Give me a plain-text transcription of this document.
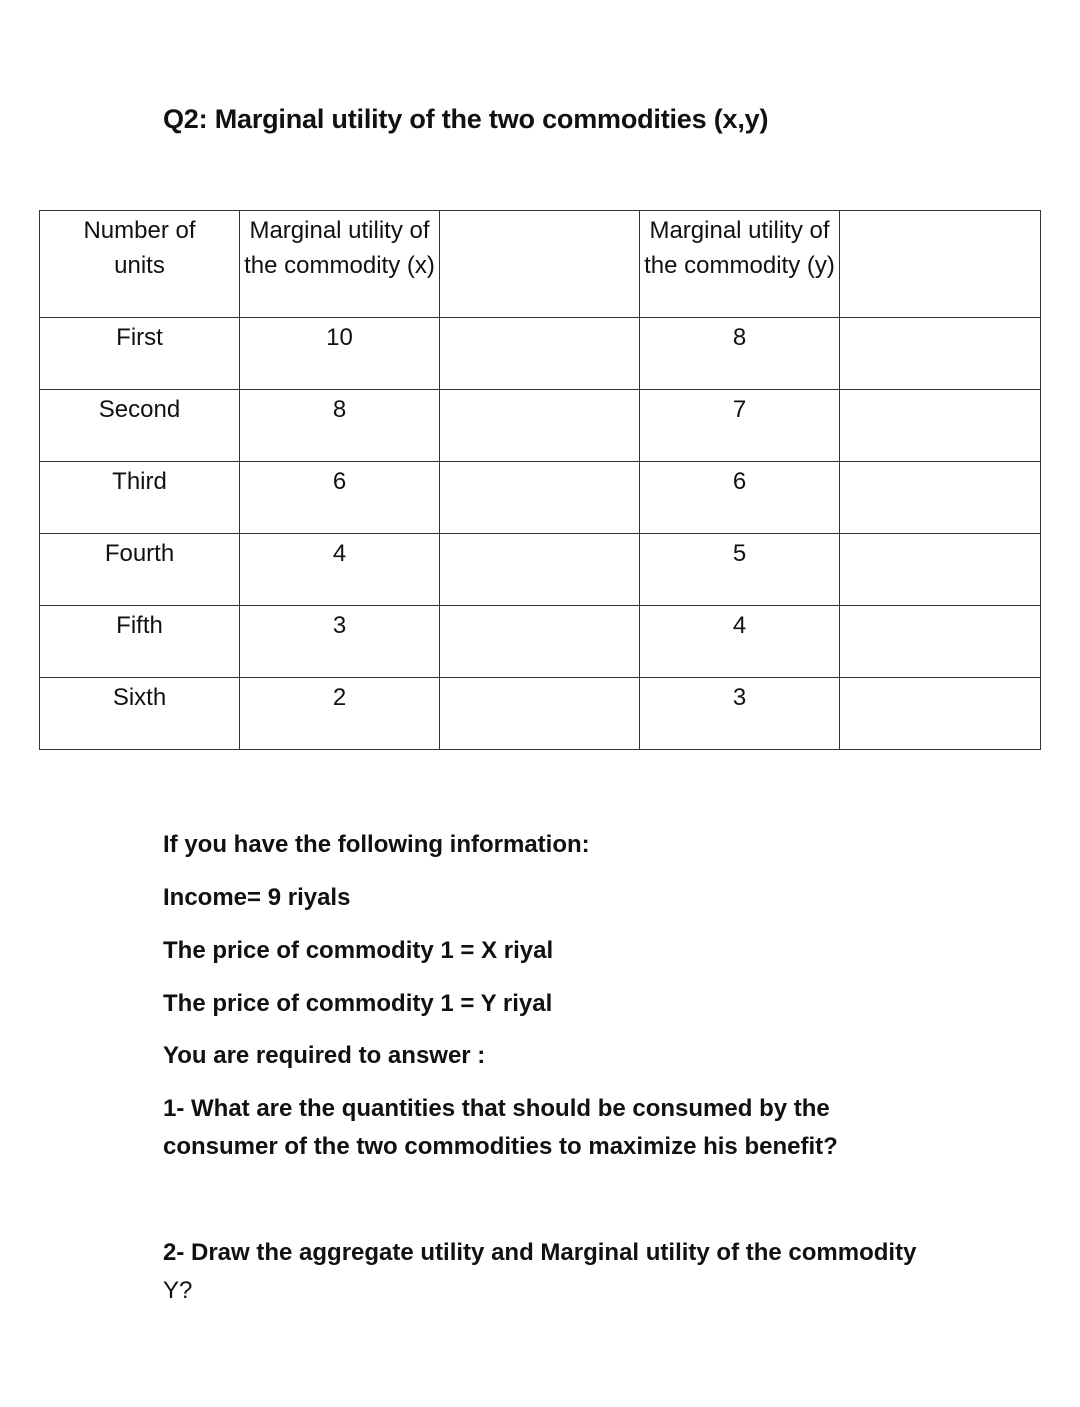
Q2: Marginal utility of the two commodities (x,y)
Number of units	Marginal utility of the commodity (x)		Marginal utility of the commodity (y)	
First	10		8	
Second	8		7	
Third	6		6	
Fourth	4		5	
Fifth	3		4	
Sixth	2		3	
If you have the following information:
Income= 9 riyals
The price of commodity 1 = X riyal
The price of commodity 1 = Y riyal
You are required to answer :
1- What are the quantities that should be consumed by the consumer of the two commodities to maximize his benefit?
2- Draw the aggregate utility and Marginal utility of the commodity Y?
